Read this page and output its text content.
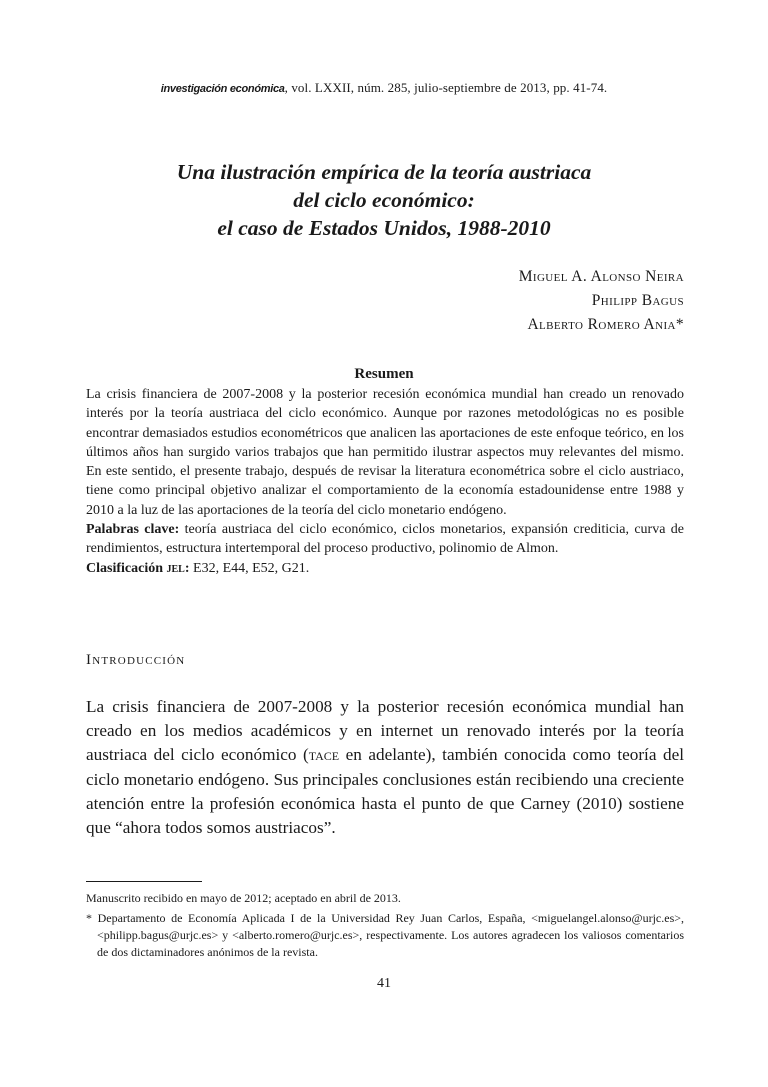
investigación económica, vol. LXXII, núm. 285, julio-septiembre de 2013, pp. 41-74.
Una ilustración empírica de la teoría austriaca
del ciclo económico:
el caso de Estados Unidos, 1988-2010
Miguel A. Alonso Neira
Philipp Bagus
Alberto Romero Ania*
Resumen

La crisis financiera de 2007-2008 y la posterior recesión económica mundial han creado un renovado interés por la teoría austriaca del ciclo económico. Aunque por razones metodológicas no es posible encontrar demasiados estudios econométricos que analicen las aportaciones de este enfoque teórico, en los últimos años han surgido varios trabajos que han permitido ilustrar aspectos muy relevantes del mismo. En este sentido, el presente trabajo, después de revisar la literatura econométrica sobre el ciclo austriaco, tiene como principal objetivo analizar el comportamiento de la economía estadounidense entre 1988 y 2010 a la luz de las aportaciones de la teoría del ciclo monetario endógeno.

Palabras clave: teoría austriaca del ciclo económico, ciclos monetarios, expansión crediticia, curva de rendimientos, estructura intertemporal del proceso productivo, polinomio de Almon.

Clasificación jel: E32, E44, E52, G21.

Introducción

La crisis financiera de 2007-2008 y la posterior recesión económica mundial han creado en los medios académicos y en internet un renovado interés por la teoría austriaca del ciclo económico (tace en adelante), también conocida como teoría del ciclo monetario endógeno. Sus principales conclusiones están recibiendo una creciente atención entre la profesión económica hasta el punto de que Carney (2010) sostiene que “ahora todos somos austriacos”.

Manuscrito recibido en mayo de 2012; aceptado en abril de 2013.

* Departamento de Economía Aplicada I de la Universidad Rey Juan Carlos, España, <miguelangel.alonso@urjc.es>, <philipp.bagus@urjc.es> y <alberto.romero@urjc.es>, respectivamente. Los autores agradecen los valiosos comentarios de dos dictaminadores anónimos de la revista.

41
